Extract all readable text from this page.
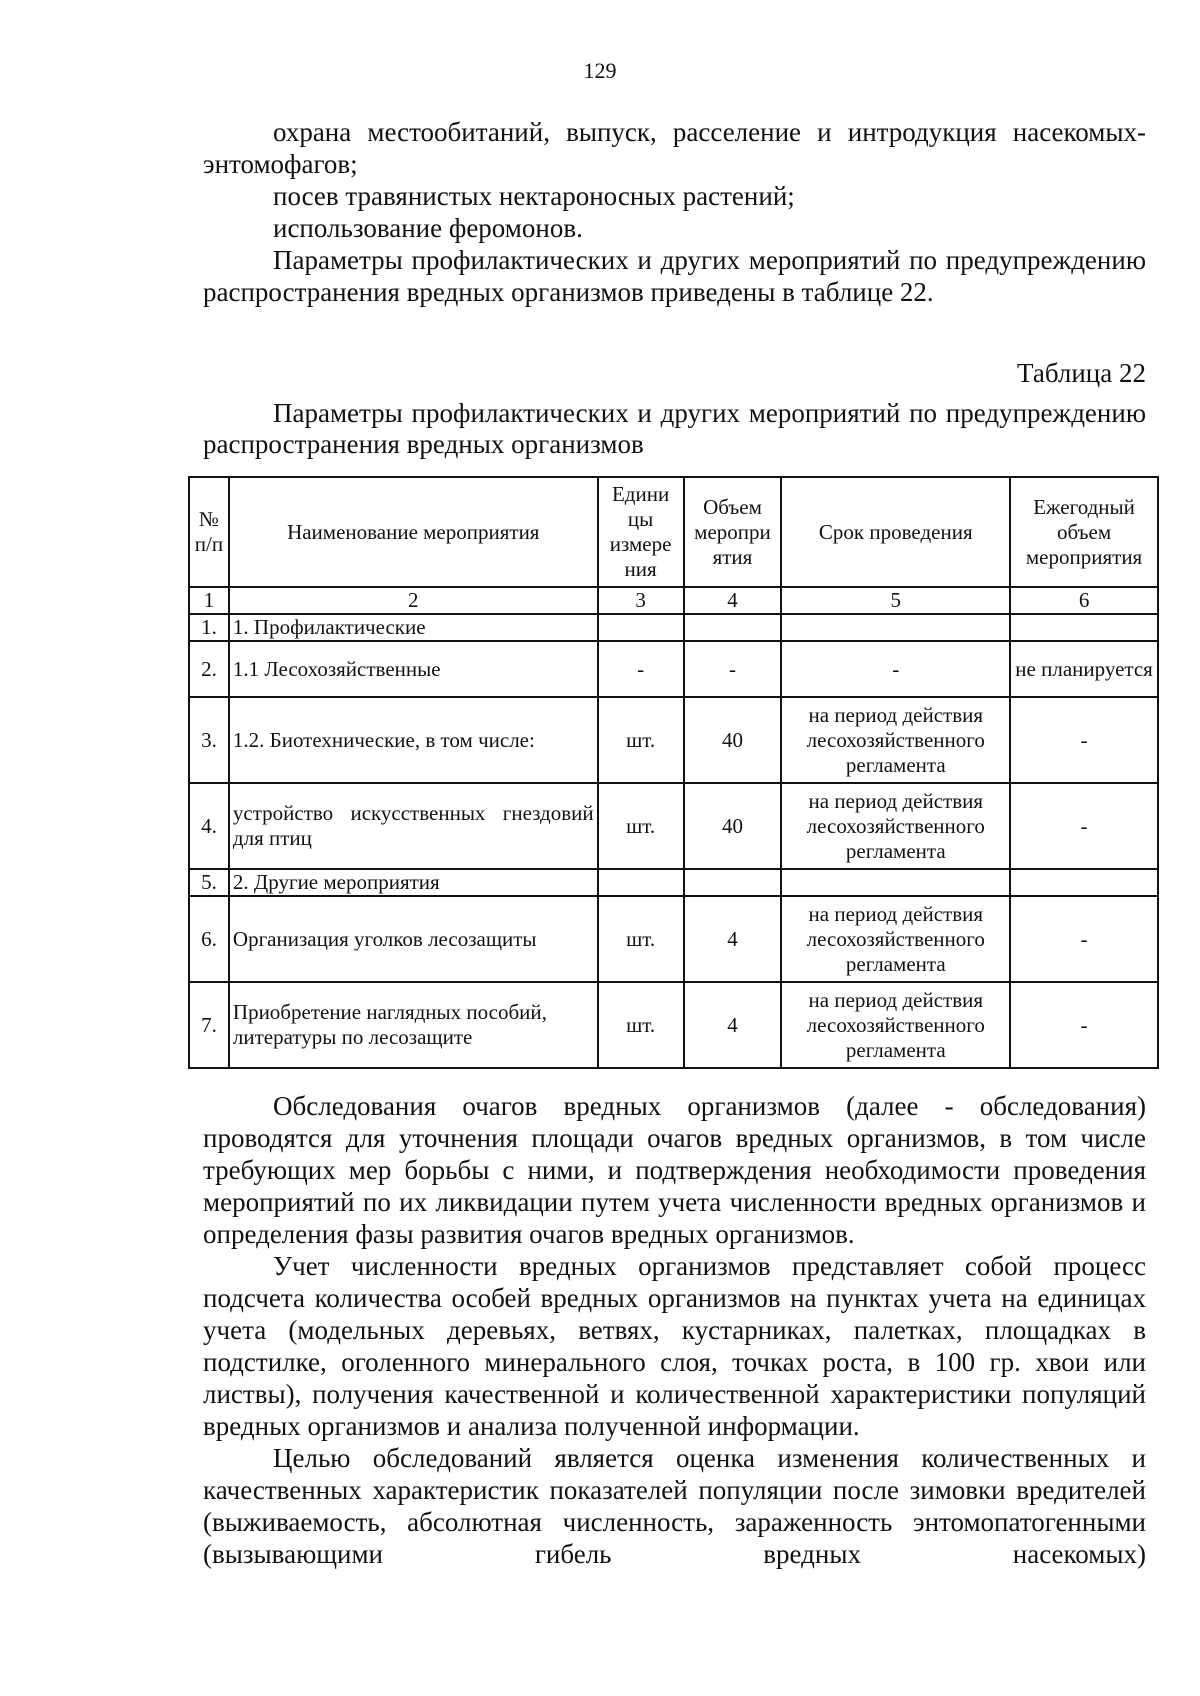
129

охрана местообитаний, выпуск, расселение и интродукция насекомых-энтомофагов;

посев травянистых нектароносных растений;

использование феромонов.

Параметры профилактических и других мероприятий по предупреждению распространения вредных организмов приведены в таблице 22.

Таблица 22

Параметры профилактических и других мероприятий по предупреждению распространения вредных организмов

№ п/п	Наименование мероприятия	Едини цы измере ния	Объем меропри ятия	Срок проведения	Ежегодный объем мероприятия
1	2	3	4	5	6
1.	1. Профилактические				
2.	1.1 Лесохозяйственные	-	-	-	не планируется
3.	1.2. Биотехнические, в том числе:	шт.	40	на период действия лесохозяйственного регламента	-
4.	устройство искусственных гнездовий для птиц	шт.	40	на период действия лесохозяйственного регламента	-
5.	2. Другие мероприятия				
6.	Организация уголков лесозащиты	шт.	4	на период действия лесохозяйственного регламента	-
7.	Приобретение наглядных пособий, литературы по лесозащите	шт.	4	на период действия лесохозяйственного регламента	-

Обследования очагов вредных организмов (далее - обследования) проводятся для уточнения площади очагов вредных организмов, в том числе требующих мер борьбы с ними, и подтверждения необходимости проведения мероприятий по их ликвидации путем учета численности вредных организмов и определения фазы развития очагов вредных организмов.

Учет численности вредных организмов представляет собой процесс подсчета количества особей вредных организмов на пунктах учета на единицах учета (модельных деревьях, ветвях, кустарниках, палетках, площадках в подстилке, оголенного минерального слоя, точках роста, в 100 гр. хвои или листвы), получения качественной и количественной характеристики популяций вредных организмов и анализа полученной информации.

Целью обследований является оценка изменения количественных и качественных характеристик показателей популяции после зимовки вредителей (выживаемость, абсолютная численность, зараженность энтомопатогенными (вызывающими гибель вредных насекомых)
